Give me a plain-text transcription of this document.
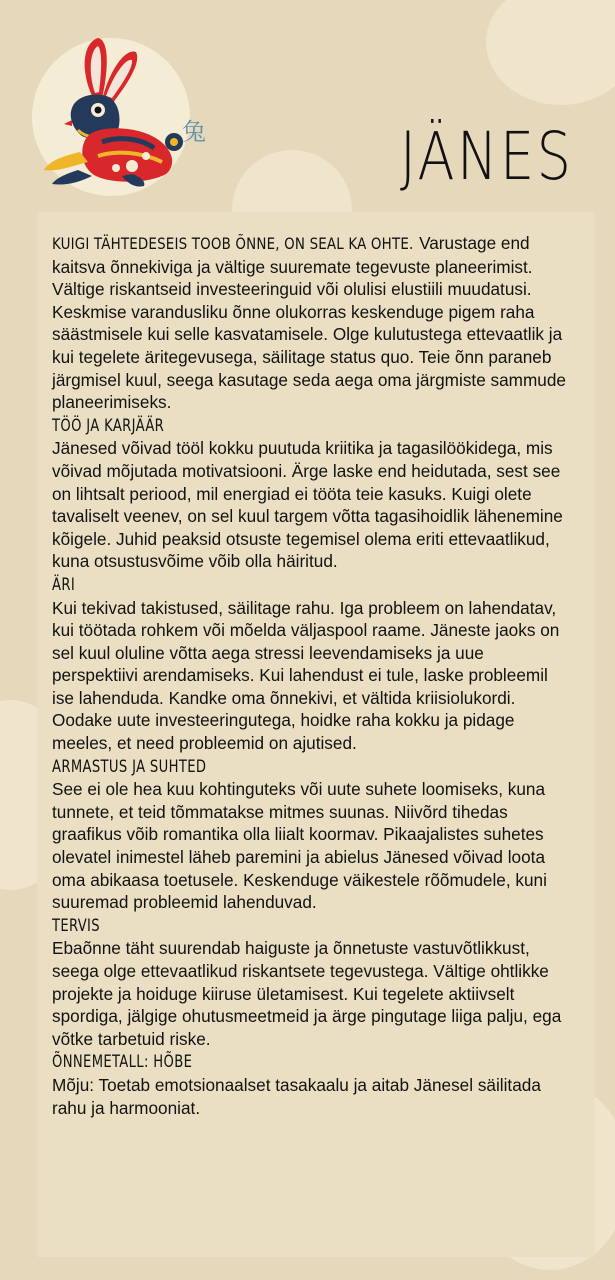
兔	JÄNES

KUIGI TÄHTEDESEIS TOOB ÕNNE, ON SEAL KA OHTE. Varustage end kaitsva õnnekiviga ja vältige suuremate tegevuste planeerimist. Vältige riskantseid investeeringuid või olulisi elustiili muudatusi. Keskmise varandusliku õnne olukorras keskenduge pigem raha säästmisele kui selle kasvatamisele. Olge kulutustega ettevaatlik ja kui tegelete äritegevusega, säilitage status quo. Teie õnn paraneb järgmisel kuul, seega kasutage seda aega oma järgmiste sammude planeerimiseks.

TÖÖ JA KARJÄÄR

Jänesed võivad tööl kokku puutuda kriitika ja tagasilöökidega, mis võivad mõjutada motivatsiooni. Ärge laske end heidutada, sest see on lihtsalt periood, mil energiad ei tööta teie kasuks. Kuigi olete tavaliselt veenev, on sel kuul targem võtta tagasihoidlik lähenemine kõigele. Juhid peaksid otsuste tegemisel olema eriti ettevaatlikud, kuna otsustusvõime võib olla häiritud.

ÄRI

Kui tekivad takistused, säilitage rahu. Iga probleem on lahendatav, kui töötada rohkem või mõelda väljaspool raame. Jäneste jaoks on sel kuul oluline võtta aega stressi leevendamiseks ja uue perspektiivi arendamiseks. Kui lahendust ei tule, laske probleemil ise lahenduda. Kandke oma õnnekivi, et vältida kriisiolukordi. Oodake uute investeeringutega, hoidke raha kokku ja pidage meeles, et need probleemid on ajutised.

ARMASTUS JA SUHTED

See ei ole hea kuu kohtinguteks või uute suhete loomiseks, kuna tunnete, et teid tõmmatakse mitmes suunas. Niivõrd tihedas graafikus võib romantika olla liialt koormav. Pikaajalistes suhetes olevatel inimestel läheb paremini ja abielus Jänesed võivad loota oma abikaasa toetusele. Keskenduge väikestele rõõmudele, kuni suuremad probleemid lahenduvad.

TERVIS

Ebaõnne täht suurendab haiguste ja õnnetuste vastuvõtlikkust, seega olge ettevaatlikud riskantsete tegevustega. Vältige ohtlikke projekte ja hoiduge kiiruse ületamisest. Kui tegelete aktiivselt spordiga, jälgige ohutusmeetmeid ja ärge pingutage liiga palju, ega võtke tarbetuid riske.

ÕNNEMETALL: HÕBE

Mõju: Toetab emotsionaalset tasakaalu ja aitab Jänesel säilitada rahu ja harmooniat.
